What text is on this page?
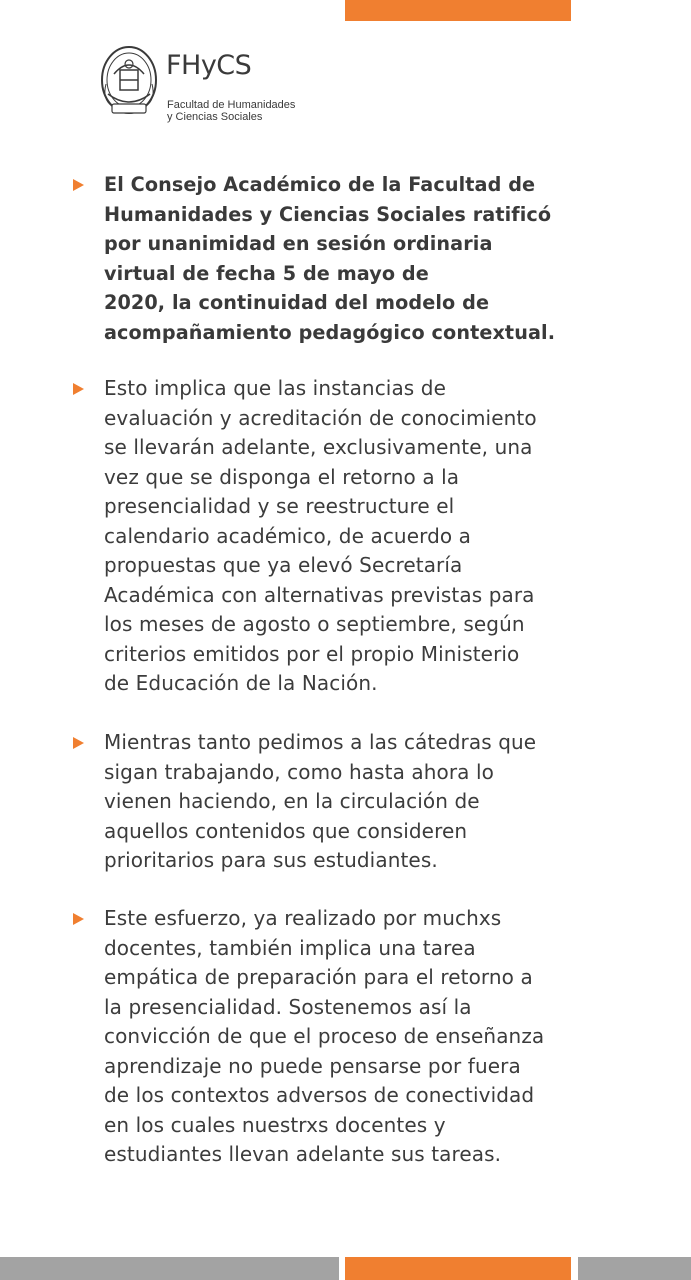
FHyCS
Facultad de Humanidades
y Ciencias Sociales
El Consejo Académico de la Facultad de
Humanidades y Ciencias Sociales ratificó
por unanimidad en sesión ordinaria
virtual de fecha 5 de mayo de
2020, la continuidad del modelo de
acompañamiento pedagógico contextual.
Esto implica que las instancias de
evaluación y acreditación de conocimiento
se llevarán adelante, exclusivamente, una
vez que se disponga el retorno a la
presencialidad y se reestructure el
calendario académico, de acuerdo a
propuestas que ya elevó Secretaría
Académica con alternativas previstas para
los meses de agosto o septiembre, según
criterios emitidos por el propio Ministerio
de Educación de la Nación.
Mientras tanto pedimos a las cátedras que
sigan trabajando, como hasta ahora lo
vienen haciendo, en la circulación de
aquellos contenidos que consideren
prioritarios para sus estudiantes.
Este esfuerzo, ya realizado por muchxs
docentes, también implica una tarea
empática de preparación para el retorno a
la presencialidad. Sostenemos así la
convicción de que el proceso de enseñanza
aprendizaje no puede pensarse por fuera
de los contextos adversos de conectividad
en los cuales nuestrxs docentes y
estudiantes llevan adelante sus tareas.
